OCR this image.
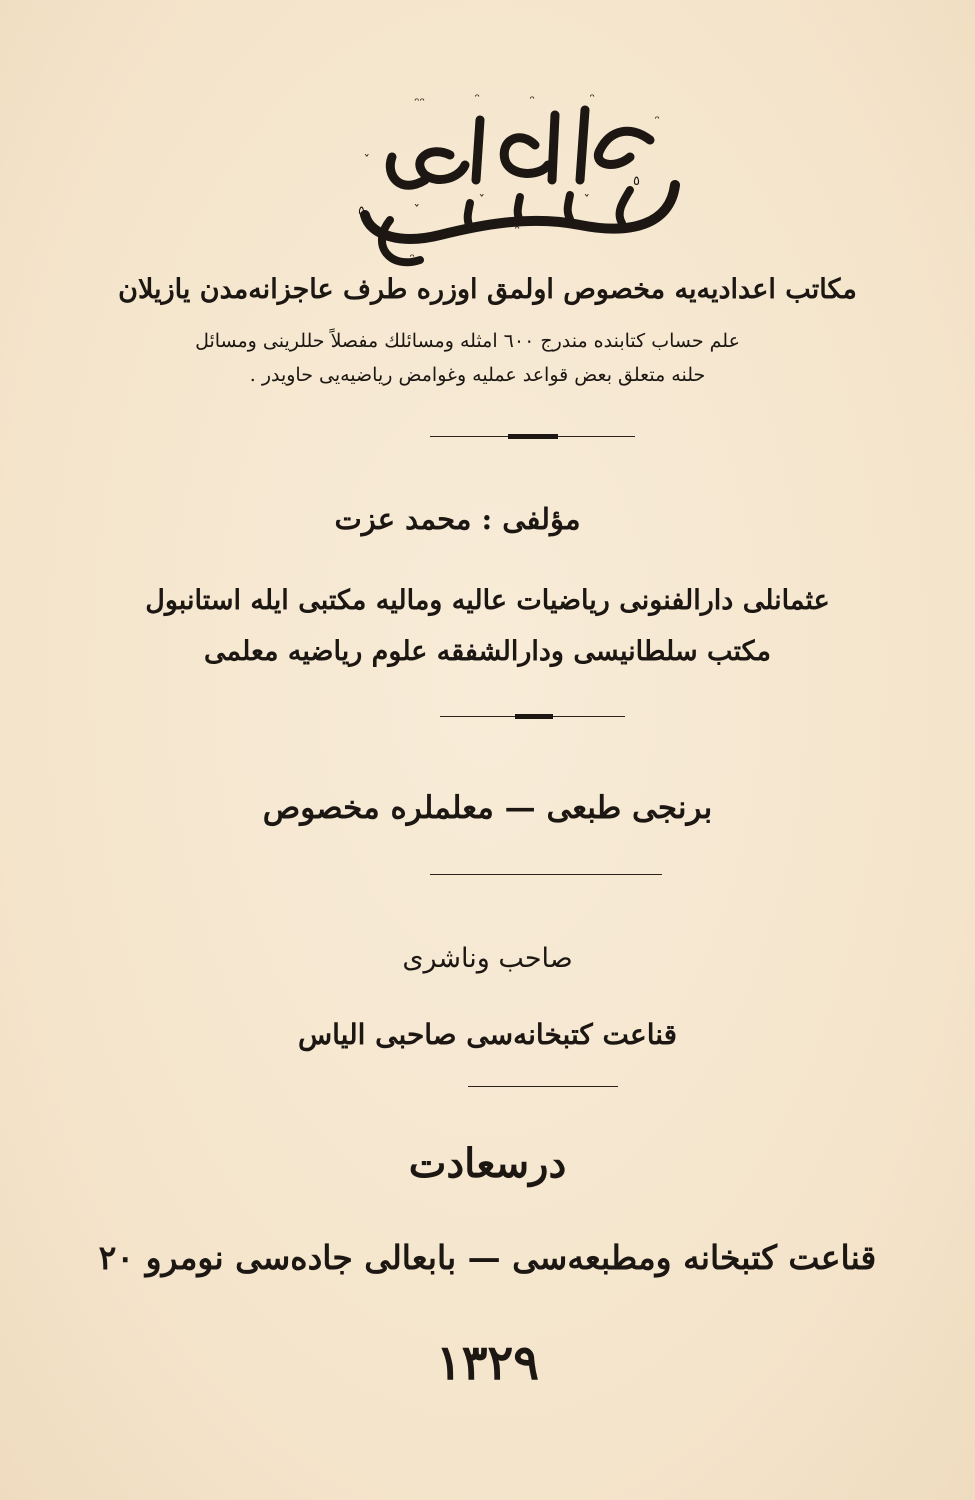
ᵔᵔ	ᵔ	ᵔ	ᵔ
ᵔ
ˇ
٥	ˇ
ˇ	ˇ
٥
ᵔ
ᵔ
مکاتب اعدادیه‌یه مخصوص اولمق اوزره طرف عاجزانه‌مدن یازیلان
علم حساب کتابنده مندرج ٦٠٠ امثله ومسائلك مفصلاً حللرینی ومسائل
حلنه متعلق بعض قواعد عملیه وغوامض ریاضیه‌یی حاویدر .
مؤلفی : محمد عزت
عثمانلی دارالفنونی ریاضیات عالیه ومالیه مکتبی ایله استانبول
مکتب سلطانیسی ودارالشفقه علوم ریاضیه معلمی
برنجی طبعی — معلملره مخصوص
صاحب وناشری
قناعت کتبخانه‌سی صاحبی الیاس
درسعادت
قناعت کتبخانه ومطبعه‌سی — بابعالی جاده‌سی نومرو ٢٠
١٣٢٩
